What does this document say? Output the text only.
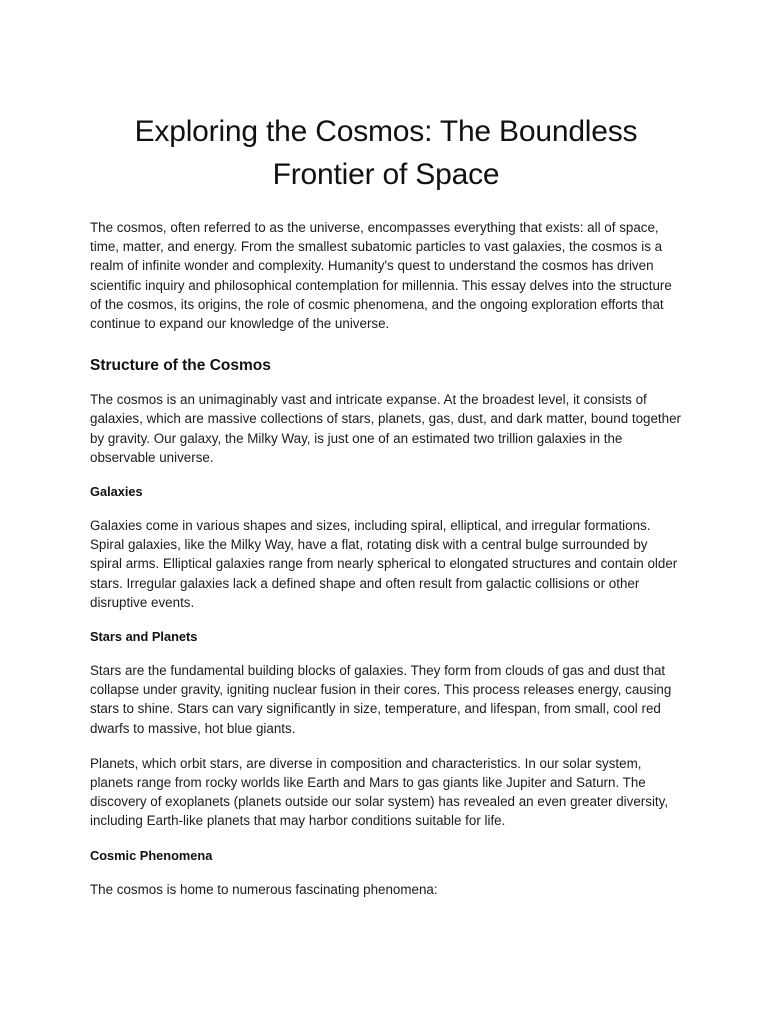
Exploring the Cosmos: The Boundless Frontier of Space

The cosmos, often referred to as the universe, encompasses everything that exists: all of space, time, matter, and energy. From the smallest subatomic particles to vast galaxies, the cosmos is a realm of infinite wonder and complexity. Humanity's quest to understand the cosmos has driven scientific inquiry and philosophical contemplation for millennia. This essay delves into the structure of the cosmos, its origins, the role of cosmic phenomena, and the ongoing exploration efforts that continue to expand our knowledge of the universe.

Structure of the Cosmos

The cosmos is an unimaginably vast and intricate expanse. At the broadest level, it consists of galaxies, which are massive collections of stars, planets, gas, dust, and dark matter, bound together by gravity. Our galaxy, the Milky Way, is just one of an estimated two trillion galaxies in the observable universe.

Galaxies

Galaxies come in various shapes and sizes, including spiral, elliptical, and irregular formations. Spiral galaxies, like the Milky Way, have a flat, rotating disk with a central bulge surrounded by spiral arms. Elliptical galaxies range from nearly spherical to elongated structures and contain older stars. Irregular galaxies lack a defined shape and often result from galactic collisions or other disruptive events.

Stars and Planets

Stars are the fundamental building blocks of galaxies. They form from clouds of gas and dust that collapse under gravity, igniting nuclear fusion in their cores. This process releases energy, causing stars to shine. Stars can vary significantly in size, temperature, and lifespan, from small, cool red dwarfs to massive, hot blue giants.

Planets, which orbit stars, are diverse in composition and characteristics. In our solar system, planets range from rocky worlds like Earth and Mars to gas giants like Jupiter and Saturn. The discovery of exoplanets (planets outside our solar system) has revealed an even greater diversity, including Earth-like planets that may harbor conditions suitable for life.

Cosmic Phenomena

The cosmos is home to numerous fascinating phenomena:
